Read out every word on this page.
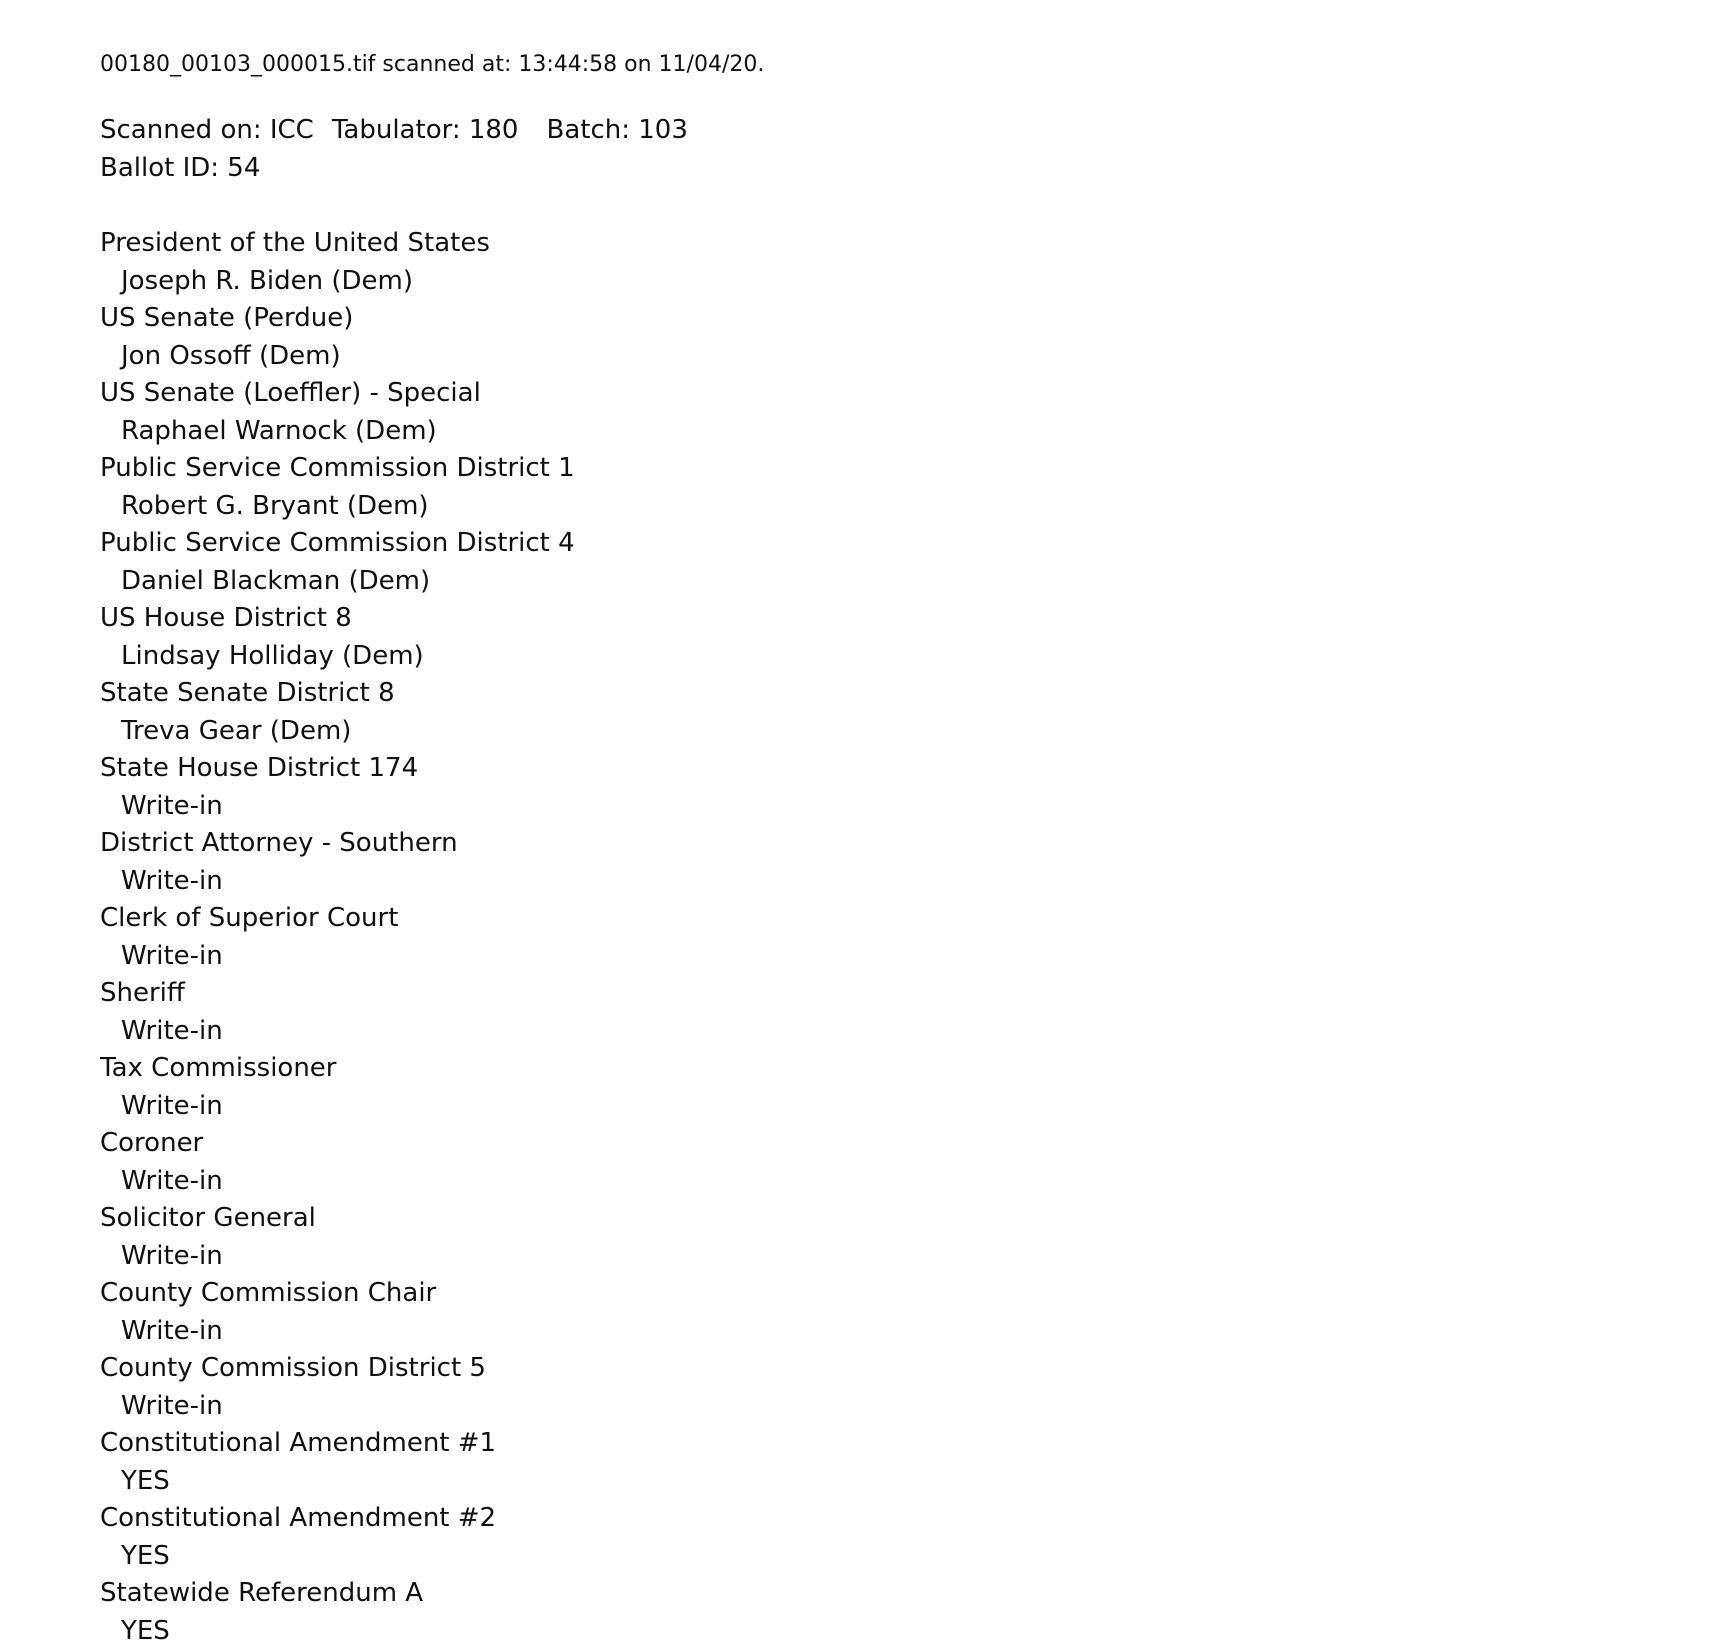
00180_00103_000015.tif scanned at: 13:44:58 on 11/04/20.
Scanned on: ICC Tabulator: 180 Batch: 103
Ballot ID: 54
President of the United States
Joseph R. Biden (Dem)
US Senate (Perdue)
Jon Ossoff (Dem)
US Senate (Loeffler) - Special
Raphael Warnock (Dem)
Public Service Commission District 1
Robert G. Bryant (Dem)
Public Service Commission District 4
Daniel Blackman (Dem)
US House District 8
Lindsay Holliday (Dem)
State Senate District 8
Treva Gear (Dem)
State House District 174
Write-in
District Attorney - Southern
Write-in
Clerk of Superior Court
Write-in
Sheriff
Write-in
Tax Commissioner
Write-in
Coroner
Write-in
Solicitor General
Write-in
County Commission Chair
Write-in
County Commission District 5
Write-in
Constitutional Amendment #1
YES
Constitutional Amendment #2
YES
Statewide Referendum A
YES
